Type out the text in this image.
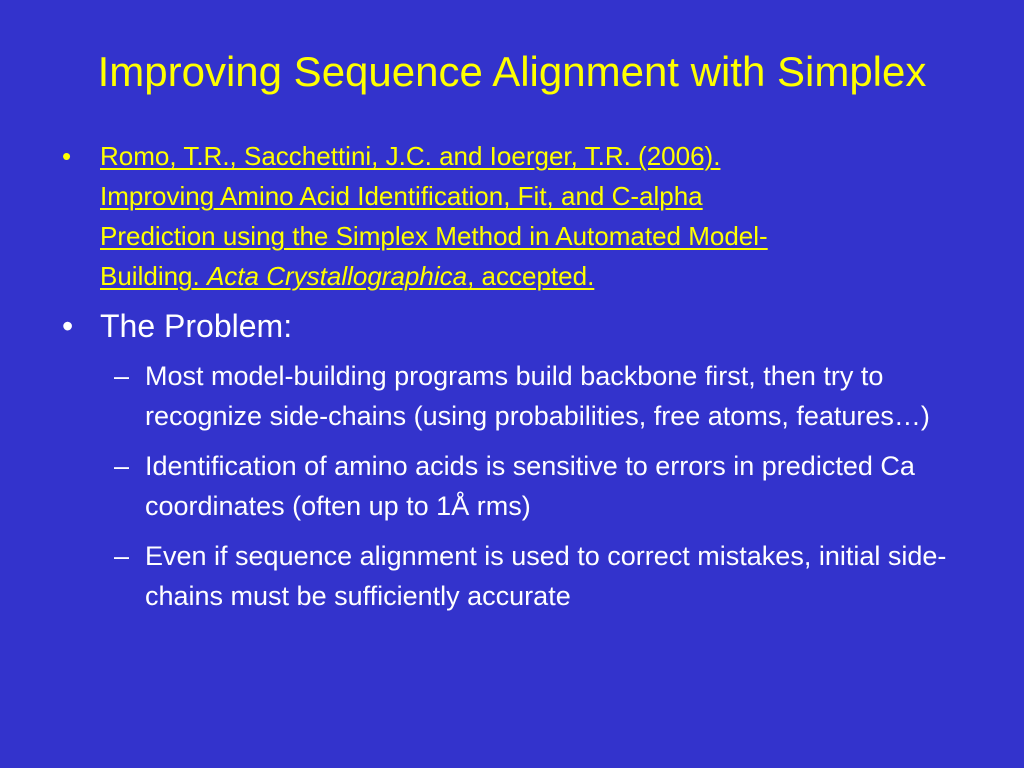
Improving Sequence Alignment with Simplex
• Romo, T.R., Sacchettini, J.C. and Ioerger, T.R. (2006).
Improving Amino Acid Identification, Fit, and C-alpha
Prediction using the Simplex Method in Automated Model-
Building. Acta Crystallographica, accepted.
• The Problem:
– Most model-building programs build backbone first, then try to recognize side-chains (using probabilities, free atoms, features…)
– Identification of amino acids is sensitive to errors in predicted Ca coordinates (often up to 1Å rms)
– Even if sequence alignment is used to correct mistakes, initial side-chains must be sufficiently accurate
